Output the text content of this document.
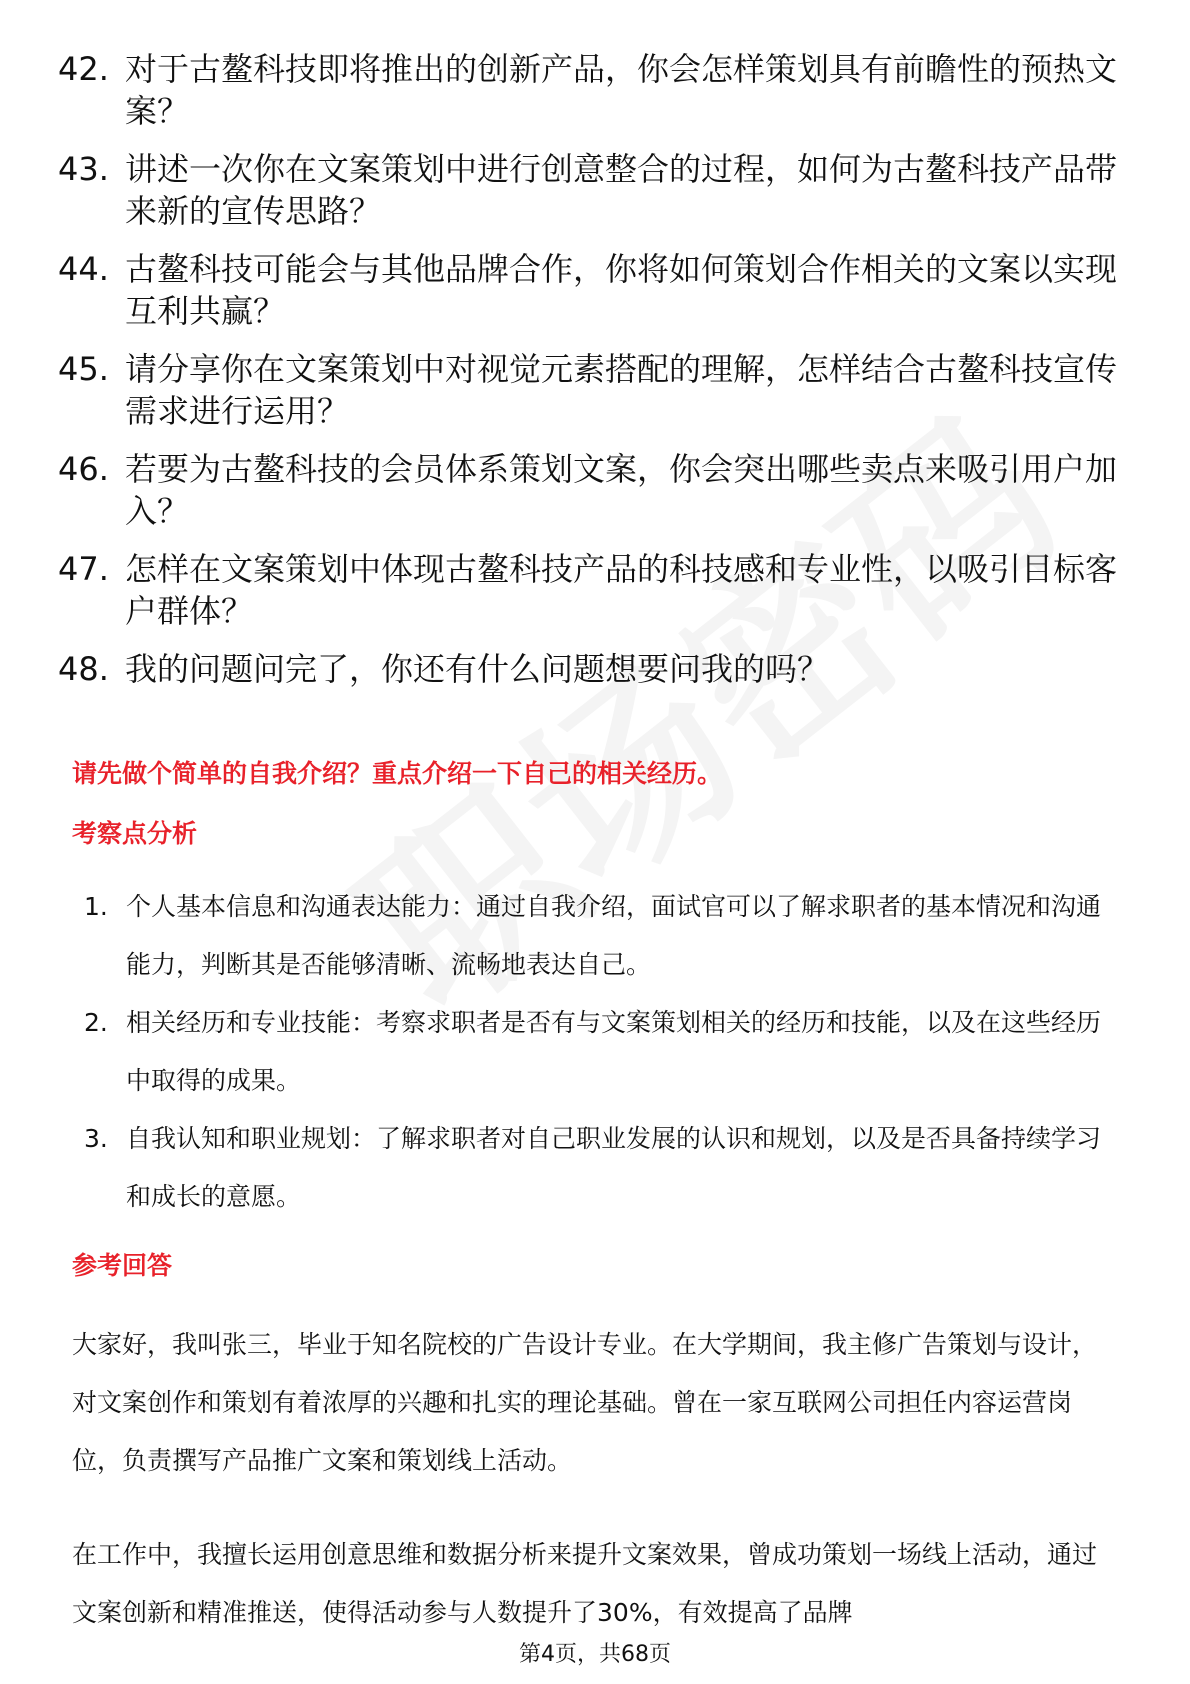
42. 对于古鳌科技即将推出的创新产品，你会怎样策划具有前瞻性的预热文案？
43. 讲述一次你在文案策划中进行创意整合的过程，如何为古鳌科技产品带来新的宣传思路？
44. 古鳌科技可能会与其他品牌合作，你将如何策划合作相关的文案以实现互利共赢？
45. 请分享你在文案策划中对视觉元素搭配的理解，怎样结合古鳌科技宣传需求进行运用？
46. 若要为古鳌科技的会员体系策划文案，你会突出哪些卖点来吸引用户加入？
47. 怎样在文案策划中体现古鳌科技产品的科技感和专业性，以吸引目标客户群体？
48. 我的问题问完了，你还有什么问题想要问我的吗？
请先做个简单的自我介绍？重点介绍一下自己的相关经历。
考察点分析
1. 个人基本信息和沟通表达能力：通过自我介绍，面试官可以了解求职者的基本情况和沟通能力，判断其是否能够清晰、流畅地表达自己。
2. 相关经历和专业技能：考察求职者是否有与文案策划相关的经历和技能，以及在这些经历中取得的成果。
3. 自我认知和职业规划：了解求职者对自己职业发展的认识和规划，以及是否具备持续学习和成长的意愿。
参考回答

大家好，我叫张三，毕业于知名院校的广告设计专业。在大学期间，我主修广告策划与设计，对文案创作和策划有着浓厚的兴趣和扎实的理论基础。曾在一家互联网公司担任内容运营岗位，负责撰写产品推广文案和策划线上活动。

在工作中，我擅长运用创意思维和数据分析来提升文案效果，曾成功策划一场线上活动，通过文案创新和精准推送，使得活动参与人数提升了30%，有效提高了品牌

第4页，共68页
